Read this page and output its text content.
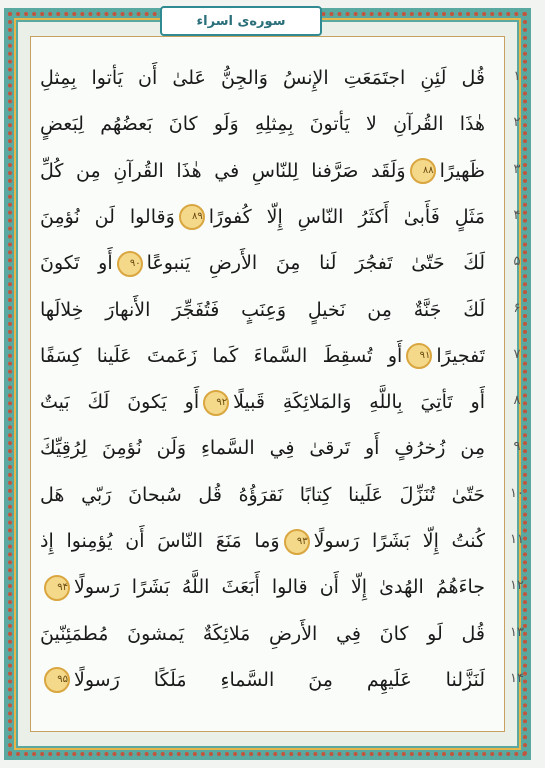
سوره‌ی اسراء
قُل لَئِنِ اجتَمَعَتِ الإِنسُ وَالجِنُّ عَلىٰ أَن يَأتوا بِمِثلِ	۱
هٰذَا القُرآنِ لا يَأتونَ بِمِثلِهِ وَلَو كانَ بَعضُهُم لِبَعضٍ	۲
ظَهيرًا۸۸وَلَقَد صَرَّفنا لِلنّاسِ في هٰذَا القُرآنِ مِن كُلِّ	۳
مَثَلٍ فَأَبىٰ أَكثَرُ النّاسِ إِلّا كُفورًا۸۹وَقالوا لَن نُؤمِنَ	۴
لَكَ حَتّىٰ تَفجُرَ لَنا مِنَ الأَرضِ يَنبوعًا۹۰أَو تَكونَ	۵
لَكَ جَنَّةٌ مِن نَخيلٍ وَعِنَبٍ فَتُفَجِّرَ الأَنهارَ خِلالَها	۶
تَفجيرًا۹۱أَو تُسقِطَ السَّماءَ كَما زَعَمتَ عَلَينا كِسَفًا	۷
أَو تَأتِيَ بِاللَّهِ وَالمَلائِكَةِ قَبيلًا۹۲أَو يَكونَ لَكَ بَيتٌ	۸
مِن زُخرُفٍ أَو تَرقىٰ فِي السَّماءِ وَلَن نُؤمِنَ لِرُقِيِّكَ	۹
حَتّىٰ تُنَزِّلَ عَلَينا كِتابًا نَقرَؤُهُ قُل سُبحانَ رَبّي هَل	۱۰
كُنتُ إِلّا بَشَرًا رَسولًا۹۳وَما مَنَعَ النّاسَ أَن يُؤمِنوا إِذ	۱۱
جاءَهُمُ الهُدىٰ إِلّا أَن قالوا أَبَعَثَ اللَّهُ بَشَرًا رَسولًا۹۴	۱۲
قُل لَو كانَ فِي الأَرضِ مَلائِكَةٌ يَمشونَ مُطمَئِنّينَ	۱۳
لَنَزَّلنا عَلَيهِم مِنَ السَّماءِ مَلَكًا رَسولًا۹۵	۱۴
